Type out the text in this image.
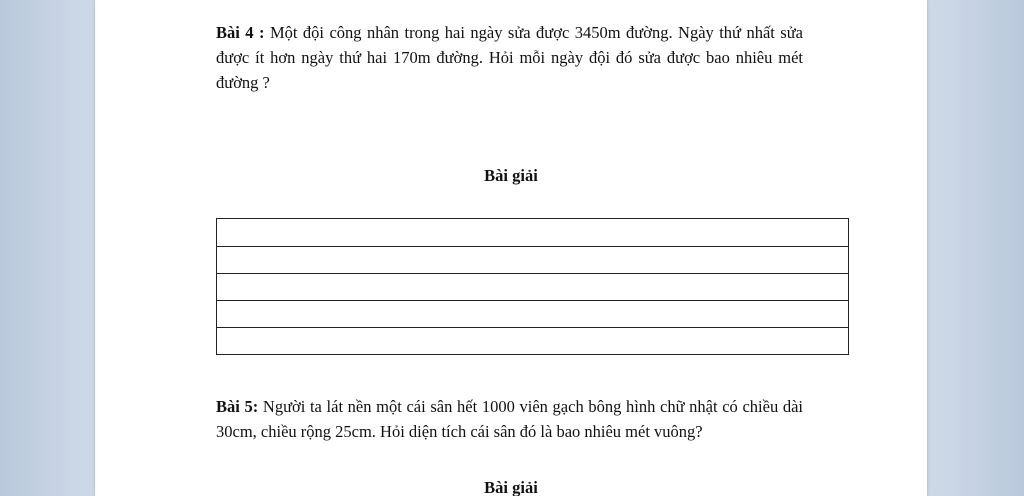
Bài 4 : Một đội công nhân trong hai ngày sửa được 3450m đường. Ngày thứ nhất sửa được ít hơn ngày thứ hai 170m đường. Hỏi mỗi ngày đội đó sửa được bao nhiêu mét đường ?
Bài giải
Bài 5: Người ta lát nền một cái sân hết 1000 viên gạch bông hình chữ nhật có chiều dài 30cm, chiều rộng 25cm. Hỏi diện tích cái sân đó là bao nhiêu mét vuông?
Bài giải
